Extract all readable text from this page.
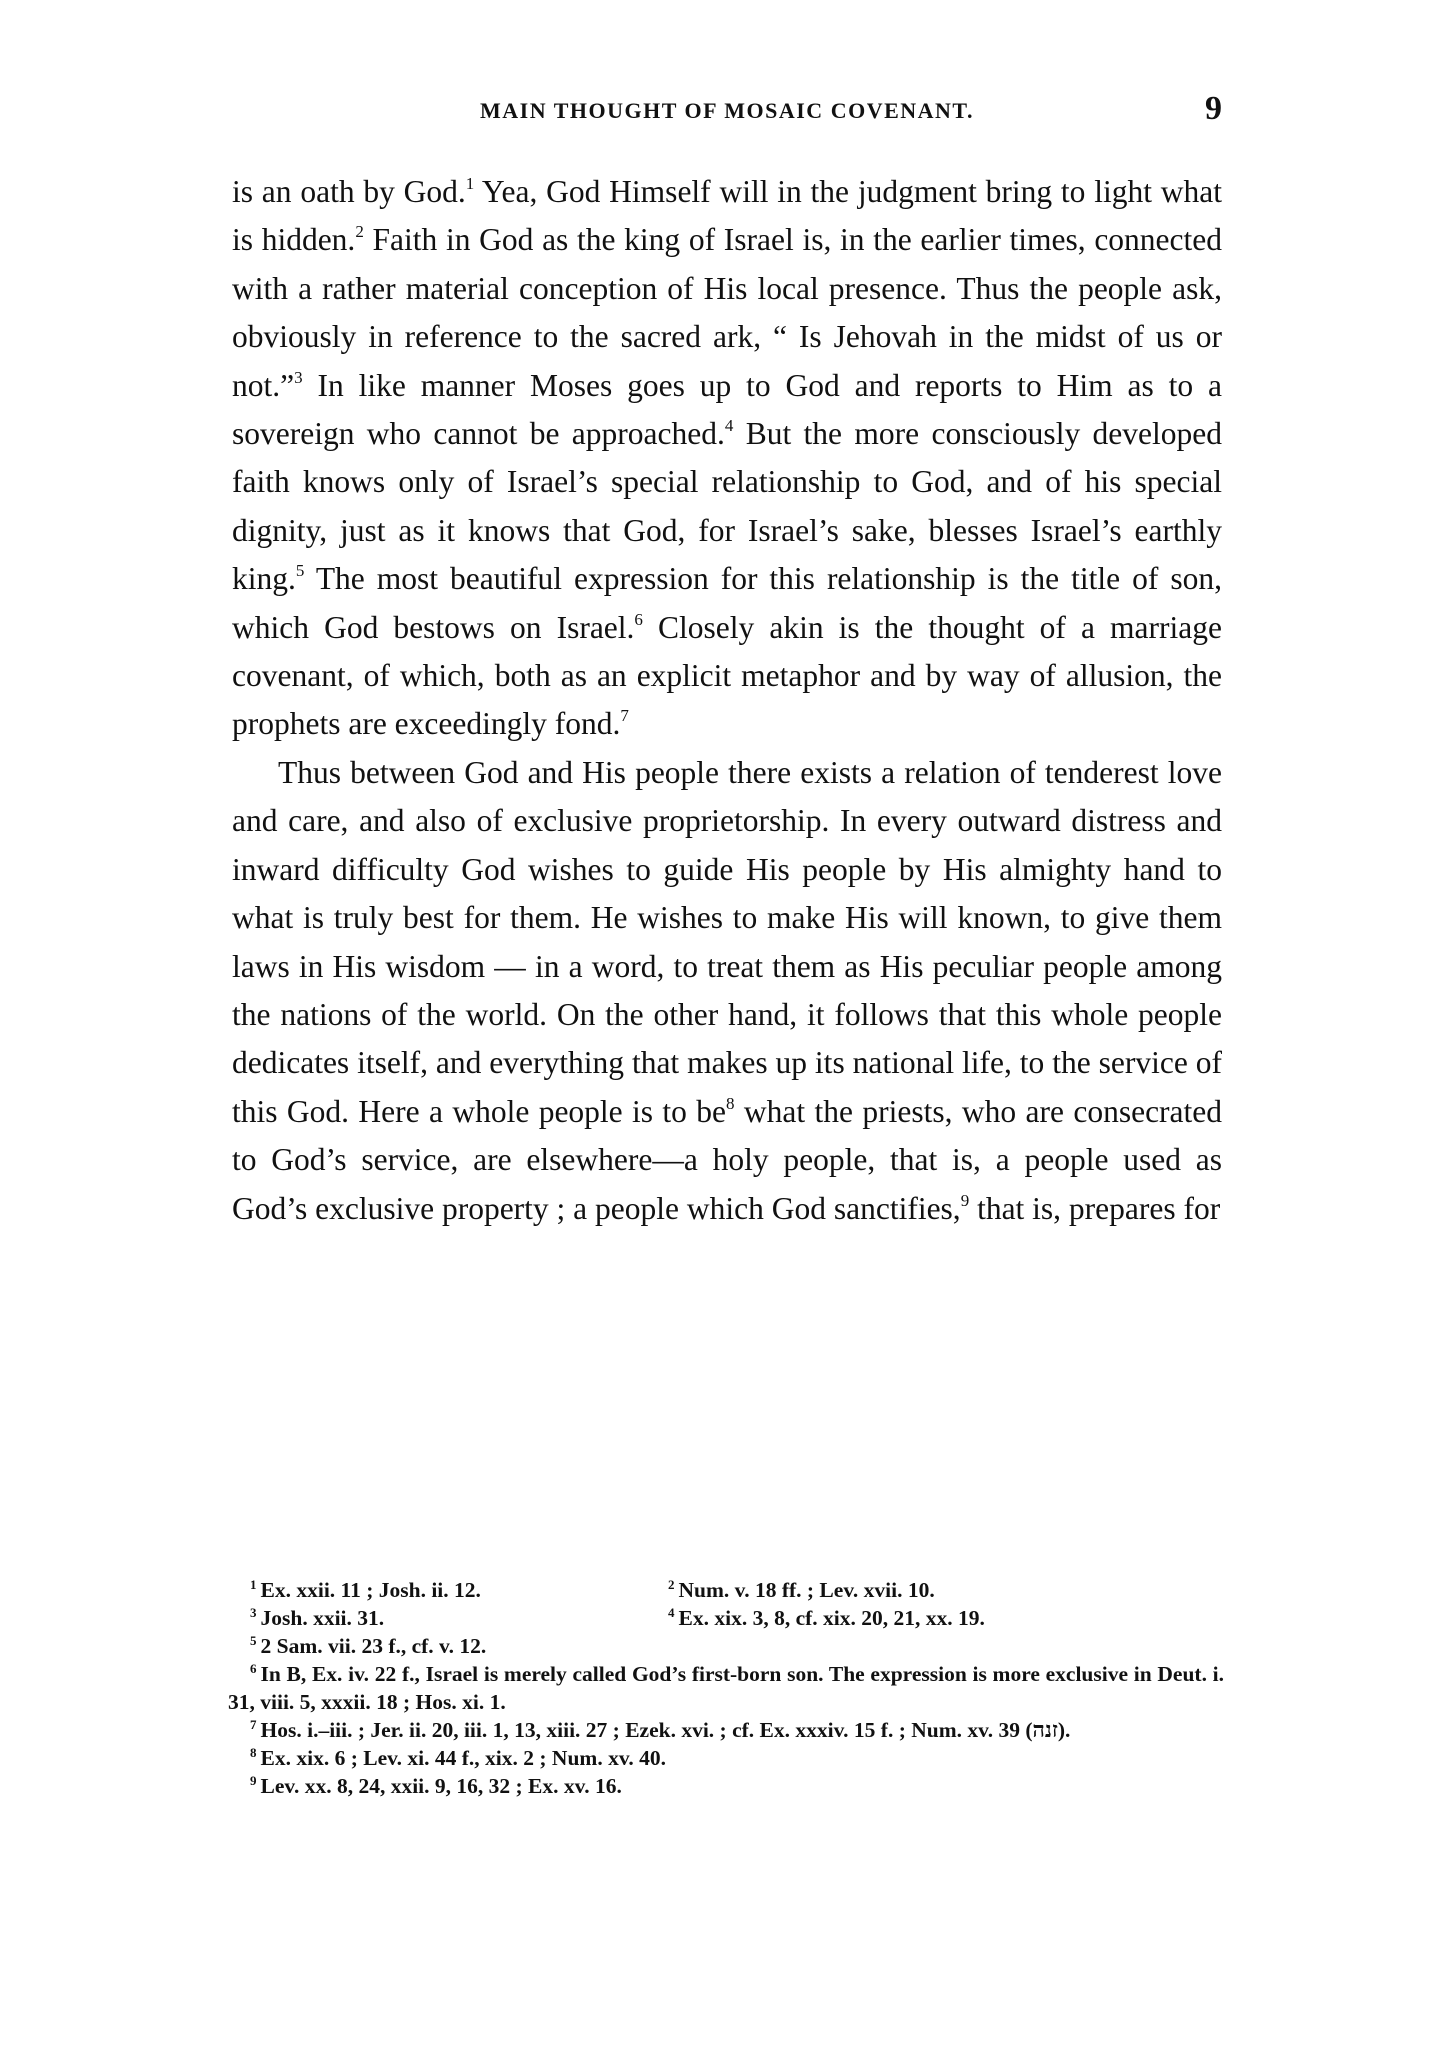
MAIN THOUGHT OF MOSAIC COVENANT.	9

is an oath by God.$^1$ Yea, God Himself will in the judgment bring to light what is hidden.$^2$ Faith in God as the king of Israel is, in the earlier times, connected with a rather material conception of His local presence. Thus the people ask, obviously in reference to the sacred ark, “ Is Jehovah in the midst of us or not.”$^3$ In like manner Moses goes up to God and reports to Him as to a sovereign who cannot be approached.$^4$ But the more consciously developed faith knows only of Israel’s special relationship to God, and of his special dignity, just as it knows that God, for Israel’s sake, blesses Israel’s earthly king.$^5$ The most beautiful expression for this relationship is the title of son, which God bestows on Israel.$^6$ Closely akin is the thought of a marriage covenant, of which, both as an explicit metaphor and by way of allusion, the prophets are exceedingly fond.$^7$

Thus between God and His people there exists a relation of tenderest love and care, and also of exclusive proprietorship. In every outward distress and inward difficulty God wishes to guide His people by His almighty hand to what is truly best for them. He wishes to make His will known, to give them laws in His wisdom — in a word, to treat them as His peculiar people among the nations of the world. On the other hand, it follows that this whole people dedicates itself, and everything that makes up its national life, to the service of this God. Here a whole people is to be$^8$ what the priests, who are consecrated to God’s service, are elsewhere—a holy people, that is, a people used as God’s exclusive property ; a people which God sanctifies,$^9$ that is, prepares for

$^1$ Ex. xxii. 11 ; Josh. ii. 12.	$^2$ Num. v. 18 ff. ; Lev. xvii. 10.
$^3$ Josh. xxii. 31.	$^4$ Ex. xix. 3, 8, cf. xix. 20, 21, xx. 19.

$^5$ 2 Sam. vii. 23 f., cf. v. 12.

$^6$ In B, Ex. iv. 22 f., Israel is merely called God’s first-born son. The expression is more exclusive in Deut. i. 31, viii. 5, xxxii. 18 ; Hos. xi. 1.

$^7$ Hos. i.–iii. ; Jer. ii. 20, iii. 1, 13, xiii. 27 ; Ezek. xvi. ; cf. Ex. xxxiv. 15 f. ; Num. xv. 39 (זנה).

$^8$ Ex. xix. 6 ; Lev. xi. 44 f., xix. 2 ; Num. xv. 40.

$^9$ Lev. xx. 8, 24, xxii. 9, 16, 32 ; Ex. xv. 16.
